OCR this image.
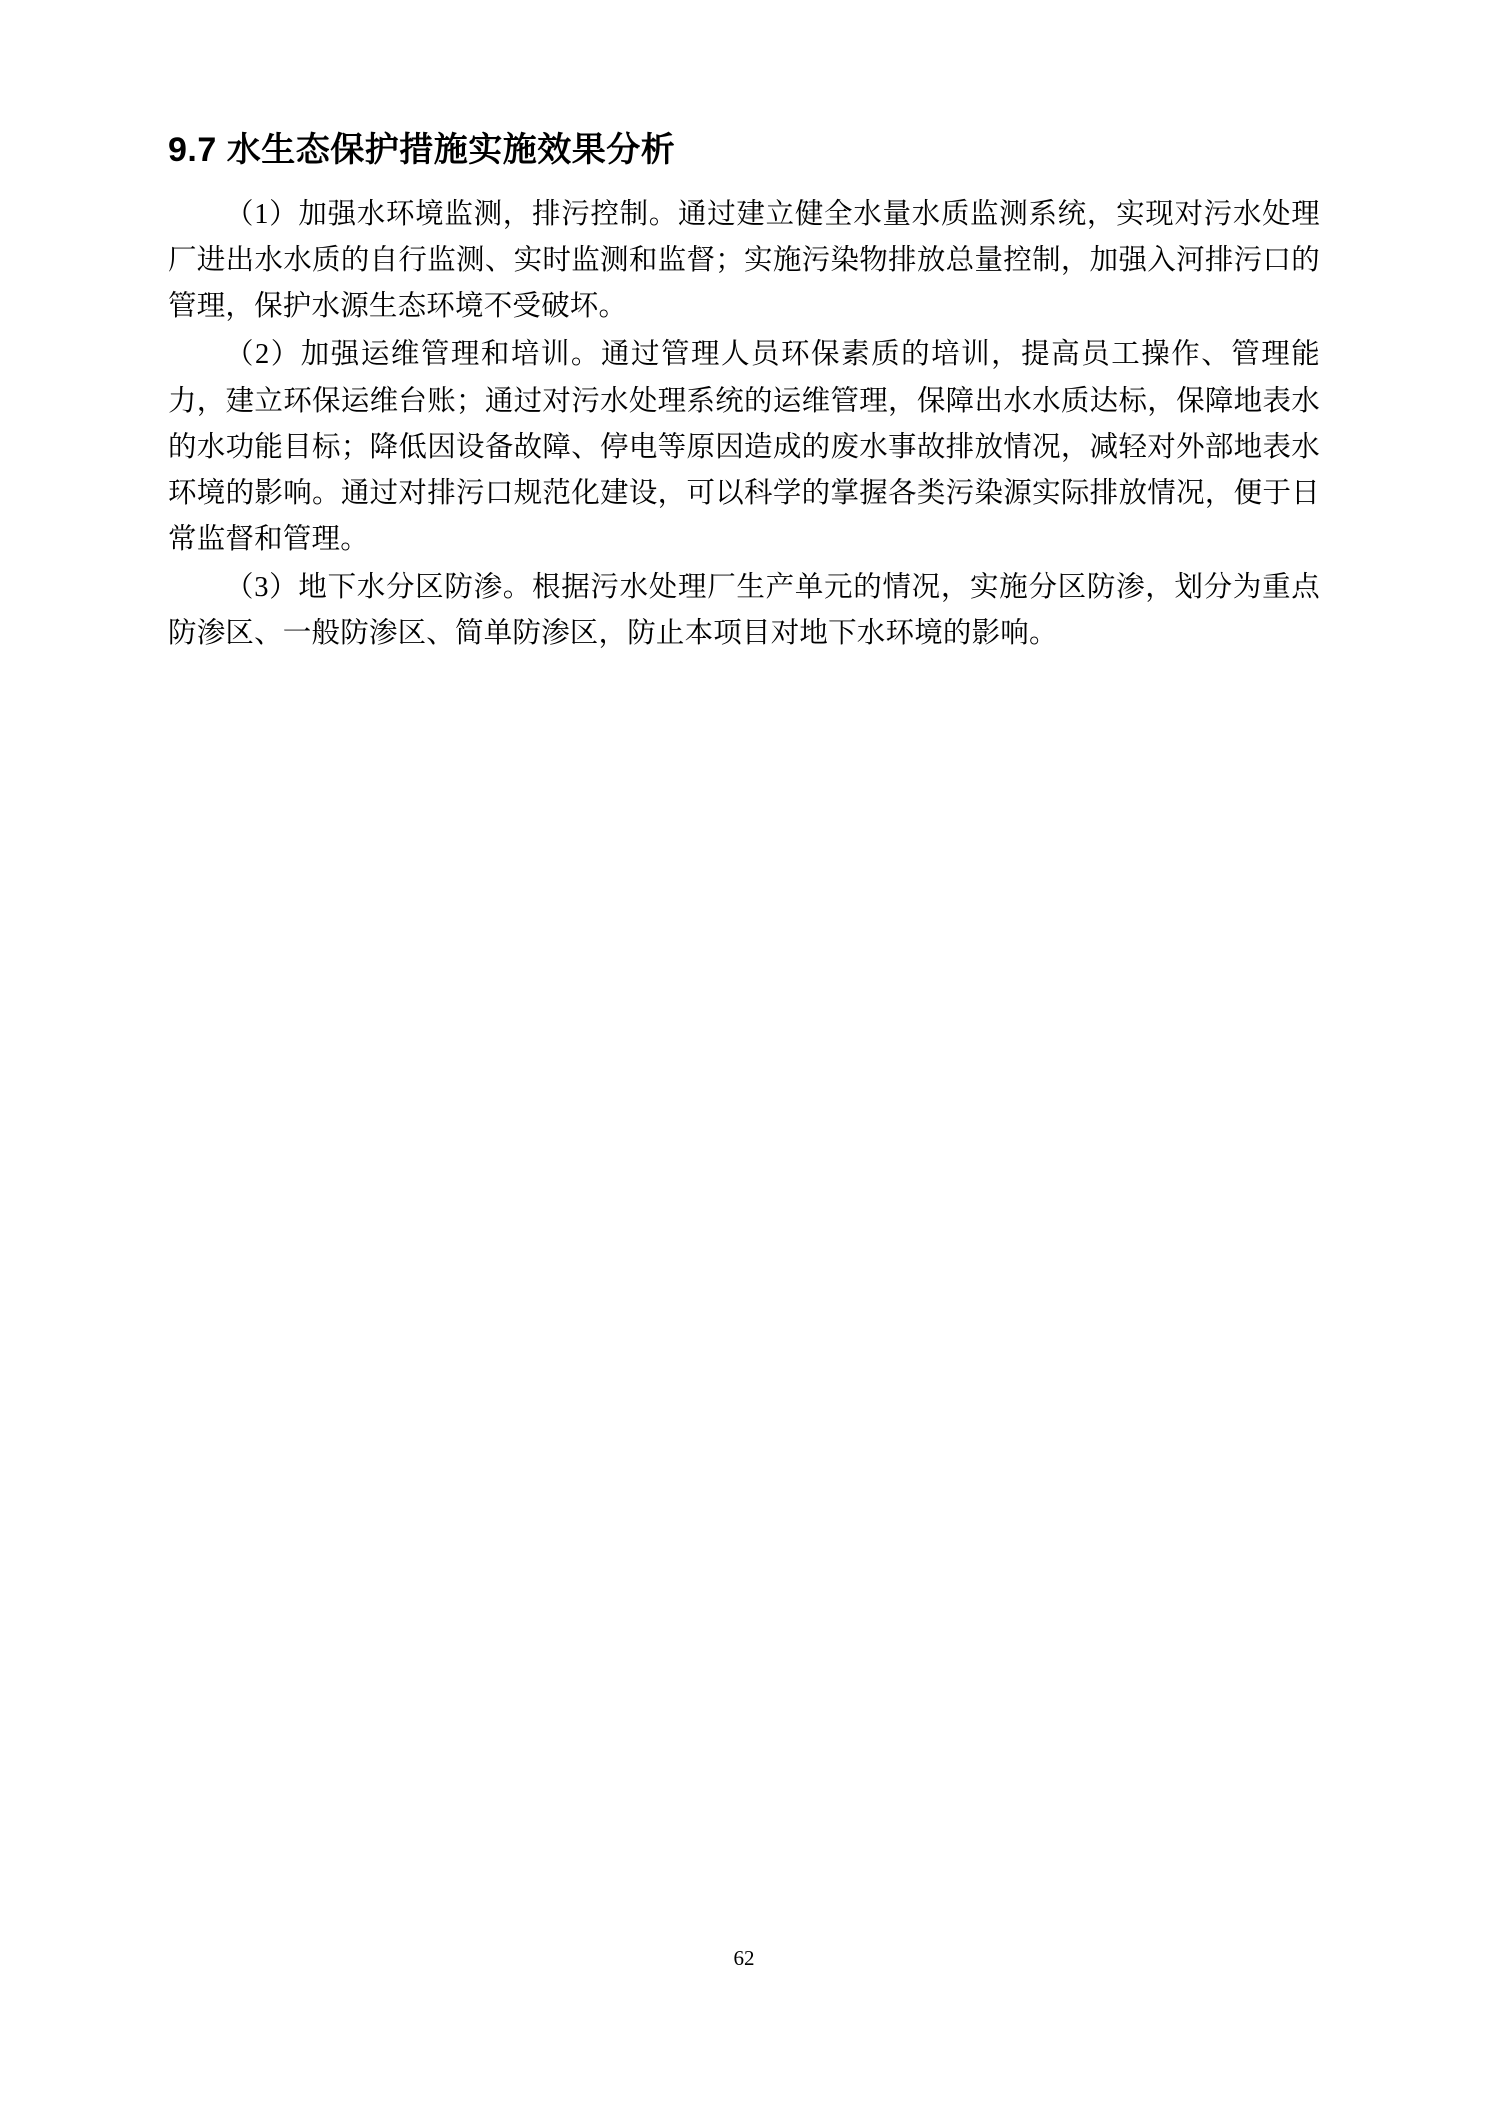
9.7 水生态保护措施实施效果分析

（1）加强水环境监测，排污控制。通过建立健全水量水质监测系统，实现对污水处理厂进出水水质的自行监测、实时监测和监督；实施污染物排放总量控制，加强入河排污口的管理，保护水源生态环境不受破坏。

（2）加强运维管理和培训。通过管理人员环保素质的培训，提高员工操作、管理能力，建立环保运维台账；通过对污水处理系统的运维管理，保障出水水质达标，保障地表水的水功能目标；降低因设备故障、停电等原因造成的废水事故排放情况，减轻对外部地表水环境的影响。通过对排污口规范化建设，可以科学的掌握各类污染源实际排放情况，便于日常监督和管理。

（3）地下水分区防渗。根据污水处理厂生产单元的情况，实施分区防渗，划分为重点防渗区、一般防渗区、简单防渗区，防止本项目对地下水环境的影响。

62
